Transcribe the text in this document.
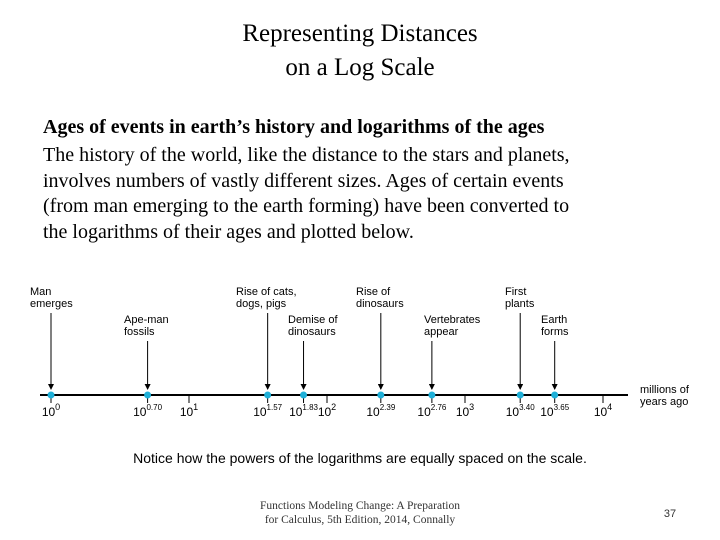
Representing Distances
on a Log Scale
Ages of events in earth’s history and logarithms of the ages
The history of the world, like the distance to the stars and planets,
involves numbers of vastly different sizes. Ages of certain events
(from man emerging to the earth forming) have been converted to
the logarithms of their ages and plotted below.
Man emerges
Ape-man fossils
Rise of cats, dogs, pigs
Demise of dinosaurs
Rise of dinosaurs
Vertebrates appear
First plants
Earth forms
$10^1$	$10^2$	$10^3$	$10^4$
$10^0$	$10^{0.70}$	$10^{1.57}$ $10^{1.83}$	$10^{2.39}$ $10^{2.76}$	$10^{3.40}$ $10^{3.65}$
millions of years ago
Notice how the powers of the logarithms are equally spaced on the scale.
Functions Modeling Change: A Preparation
for Calculus, 5th Edition, 2014, Connally	37
